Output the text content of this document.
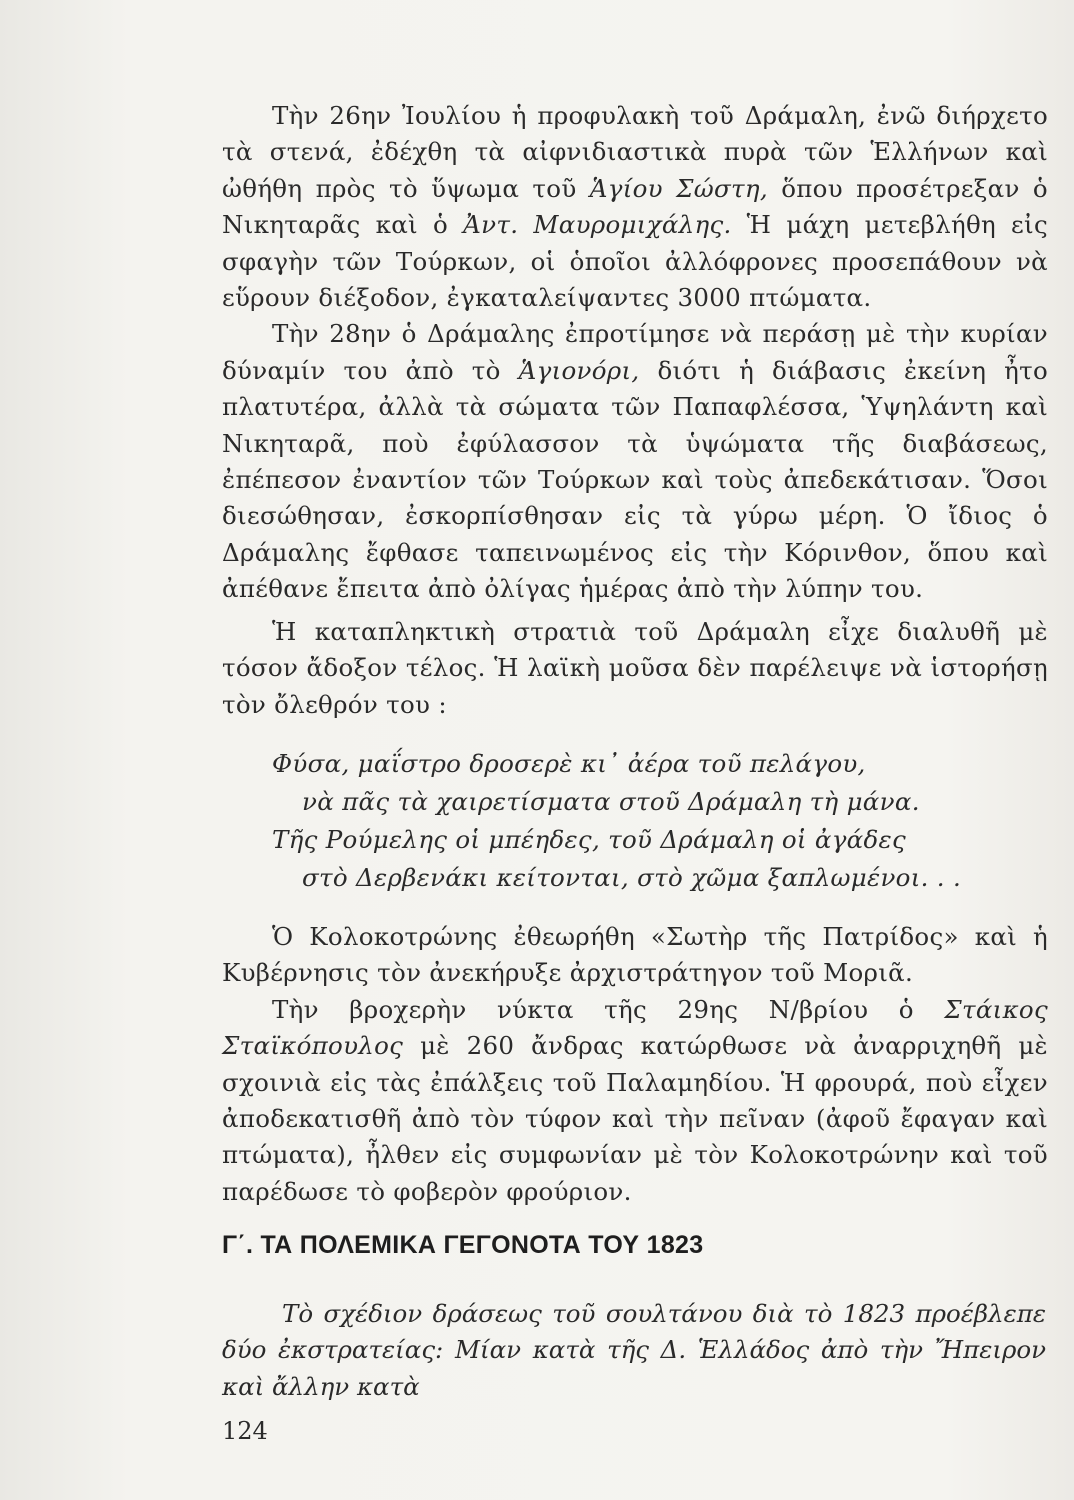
Τὴν 26ην Ἰουλίου ἡ προφυλακὴ τοῦ Δράμαλη, ἐνῶ διήρχετο τὰ στενά, ἐδέχθη τὰ αἰφνιδιαστικὰ πυρὰ τῶν Ἑλλήνων καὶ ὠθήθη πρὸς τὸ ὕψωμα τοῦ Ἁγίου Σώστη, ὅπου προσέτρεξαν ὁ Νικηταρᾶς καὶ ὁ Ἀντ. Μαυρομιχάλης. Ἡ μάχη μετεβλήθη εἰς σφαγὴν τῶν Τούρκων, οἱ ὁποῖοι ἀλλόφρονες προσεπάθουν νὰ εὕρουν διέξοδον, ἐγκαταλείψαντες 3000 πτώματα.

Τὴν 28ην ὁ Δράμαλης ἐπροτίμησε νὰ περάσῃ μὲ τὴν κυρίαν δύναμίν του ἀπὸ τὸ Ἁγιονόρι, διότι ἡ διάβασις ἐκείνη ἦτο πλατυτέρα, ἀλλὰ τὰ σώματα τῶν Παπαφλέσσα, Ὑψηλάντη καὶ Νικηταρᾶ, ποὺ ἐφύλασσον τὰ ὑψώματα τῆς διαβάσεως, ἐπέπεσον ἐναντίον τῶν Τούρκων καὶ τοὺς ἀπεδεκάτισαν. Ὅσοι διεσώθησαν, ἐσκορπίσθησαν εἰς τὰ γύρω μέρη. Ὁ ἴδιος ὁ Δράμαλης ἔφθασε ταπεινωμένος εἰς τὴν Κόρινθον, ὅπου καὶ ἀπέθανε ἔπειτα ἀπὸ ὀλίγας ἡμέρας ἀπὸ τὴν λύπην του.

Ἡ καταπληκτικὴ στρατιὰ τοῦ Δράμαλη εἶχε διαλυθῆ μὲ τόσον ἄδοξον τέλος. Ἡ λαϊκὴ μοῦσα δὲν παρέλειψε νὰ ἱστορήσῃ τὸν ὄλεθρόν του :

Φύσα, μαΐστρο δροσερὲ κι᾽ ἀέρα τοῦ πελάγου,
νὰ πᾶς τὰ χαιρετίσματα στοῦ Δράμαλη τὴ μάνα.
Τῆς Ρούμελης οἱ μπέηδες, τοῦ Δράμαλη οἱ ἀγάδες
στὸ Δερβενάκι κείτονται, στὸ χῶμα ξαπλωμένοι. . .

Ὁ Κολοκοτρώνης ἐθεωρήθη «Σωτὴρ τῆς Πατρίδος» καὶ ἡ Κυβέρνησις τὸν ἀνεκήρυξε ἀρχιστράτηγον τοῦ Μοριᾶ.

Τὴν βροχερὴν νύκτα τῆς 29ης Ν/βρίου ὁ Στάικος Σταϊκόπουλος μὲ 260 ἄνδρας κατώρθωσε νὰ ἀναρριχηθῆ μὲ σχοινιὰ εἰς τὰς ἐπάλξεις τοῦ Παλαμηδίου. Ἡ φρουρά, ποὺ εἶχεν ἀποδεκατισθῆ ἀπὸ τὸν τύφον καὶ τὴν πεῖναν (ἀφοῦ ἔφαγαν καὶ πτώματα), ἦλθεν εἰς συμφωνίαν μὲ τὸν Κολοκοτρώνην καὶ τοῦ παρέδωσε τὸ φοβερὸν φρούριον.

Γ΄. ΤΑ ΠΟΛΕΜΙΚΑ ΓΕΓΟΝΟΤΑ ΤΟΥ 1823

Τὸ σχέδιον δράσεως τοῦ σουλτάνου διὰ τὸ 1823 προέβλεπε δύο ἐκστρατείας: Μίαν κατὰ τῆς Δ. Ἑλλάδος ἀπὸ τὴν Ἤπειρον καὶ ἄλλην κατὰ

124
